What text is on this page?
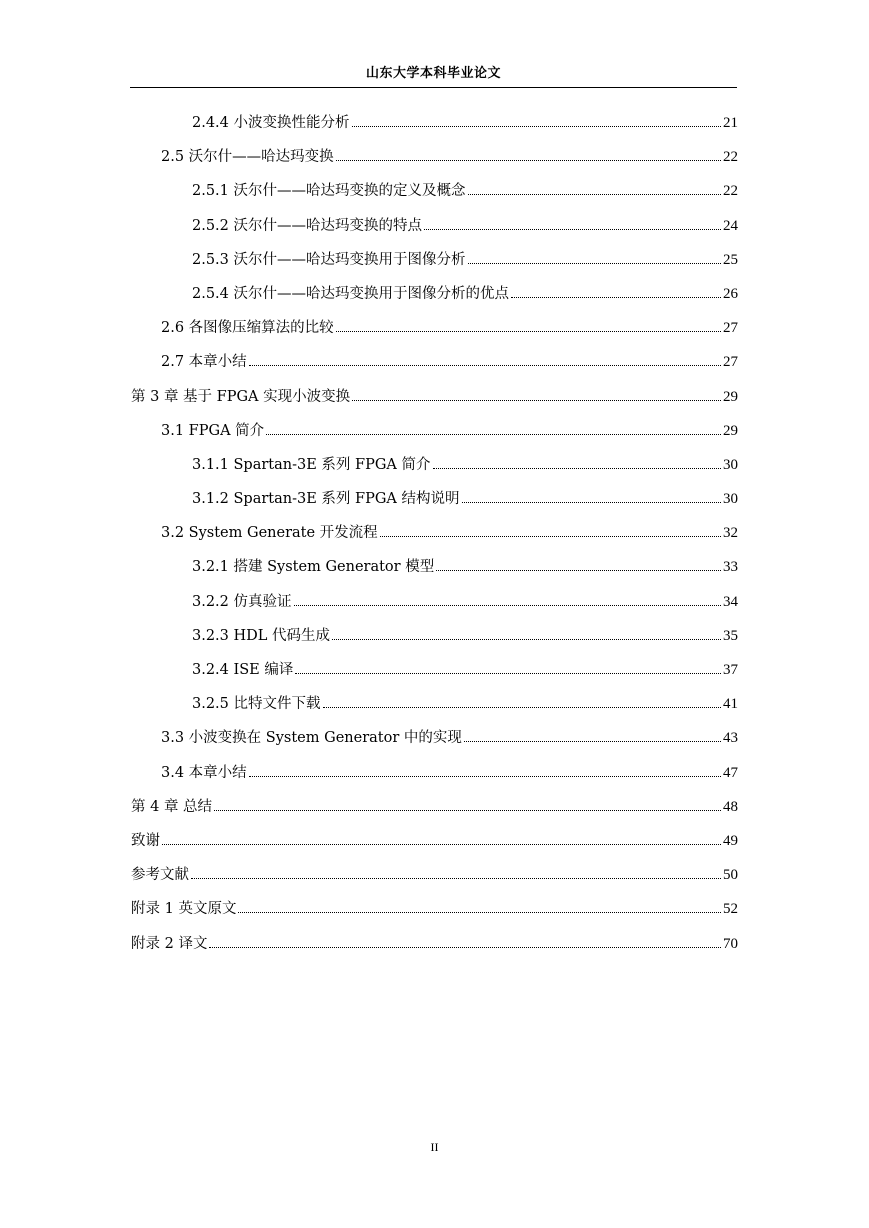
山东大学本科毕业论文
2.4.4 小波变换性能分析	21
2.5 沃尔什——哈达玛变换	22
2.5.1 沃尔什——哈达玛变换的定义及概念	22
2.5.2 沃尔什——哈达玛变换的特点	24
2.5.3 沃尔什——哈达玛变换用于图像分析	25
2.5.4 沃尔什——哈达玛变换用于图像分析的优点	26
2.6 各图像压缩算法的比较	27
2.7 本章小结	27
第 3 章 基于 FPGA 实现小波变换	29
3.1 FPGA 简介	29
3.1.1 Spartan-3E 系列 FPGA 简介	30
3.1.2 Spartan-3E 系列 FPGA 结构说明	30
3.2 System Generate 开发流程	32
3.2.1 搭建 System Generator 模型	33
3.2.2 仿真验证	34
3.2.3 HDL 代码生成	35
3.2.4 ISE 编译	37
3.2.5 比特文件下载	41
3.3 小波变换在 System Generator 中的实现	43
3.4 本章小结	47
第 4 章 总结	48
致谢	49
参考文献	50
附录 1 英文原文	52
附录 2 译文	70
II
